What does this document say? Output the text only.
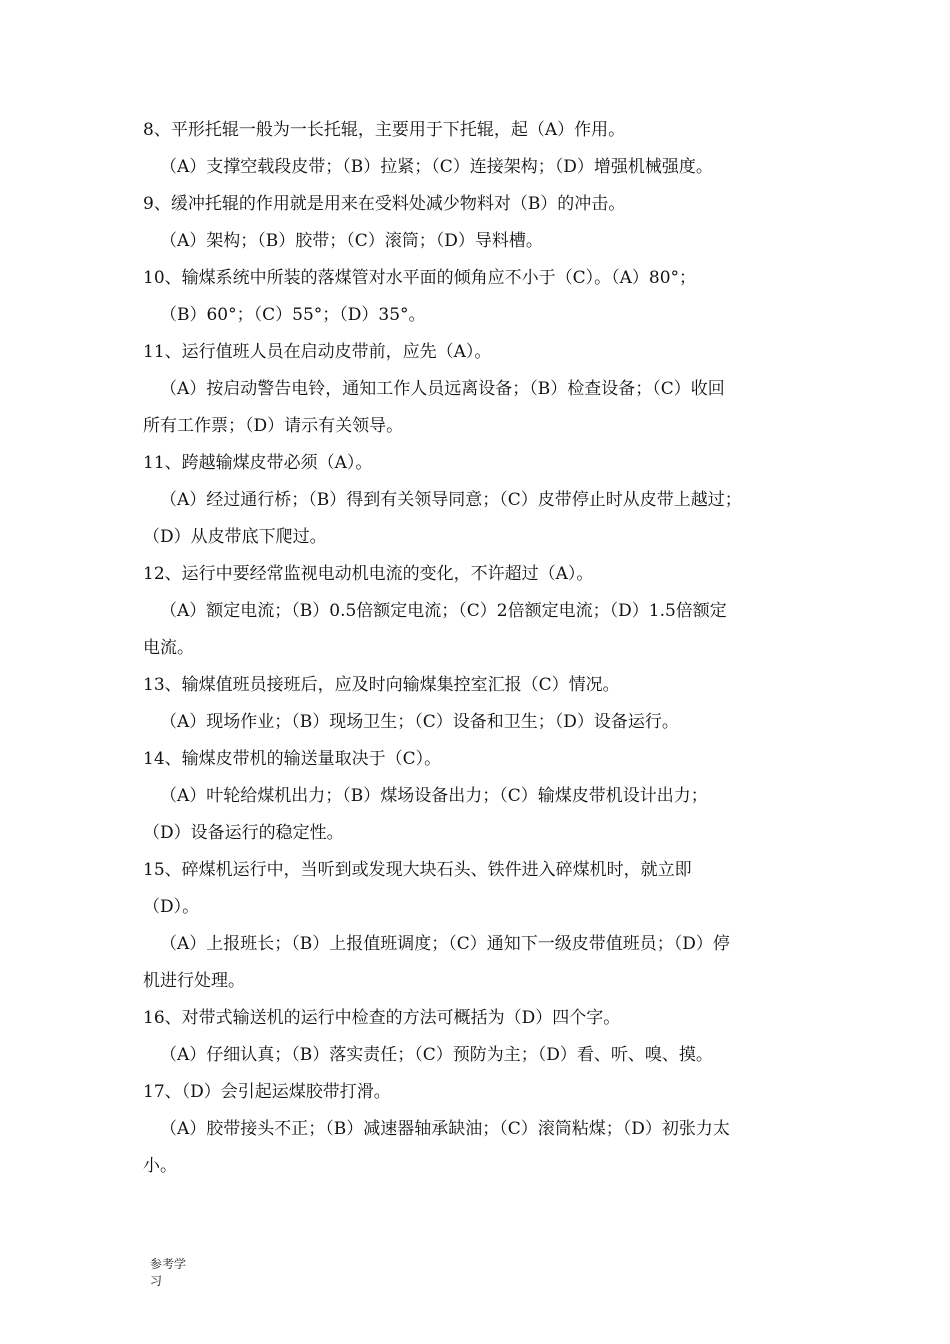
8、平形托辊一般为一长托辊，主要用于下托辊，起（A）作用。
（A）支撑空载段皮带；（B）拉紧；（C）连接架构；（D）增强机械强度。
9、缓冲托辊的作用就是用来在受料处减少物料对（B）的冲击。
（A）架构；（B）胶带；（C）滚筒；（D）导料槽。
10、输煤系统中所装的落煤管对水平面的倾角应不小于（C）。（A）80°；
（B）60°；（C）55°；（D）35°。
11、运行值班人员在启动皮带前，应先（A）。
（A）按启动警告电铃，通知工作人员远离设备；（B）检查设备；（C）收回
所有工作票；（D）请示有关领导。
11、跨越输煤皮带必须（A）。
（A）经过通行桥；（B）得到有关领导同意；（C）皮带停止时从皮带上越过；
（D）从皮带底下爬过。
12、运行中要经常监视电动机电流的变化，不许超过（A）。
（A）额定电流；（B）0.5倍额定电流；（C）2倍额定电流；（D）1.5倍额定
电流。
13、输煤值班员接班后，应及时向输煤集控室汇报（C）情况。
（A）现场作业；（B）现场卫生；（C）设备和卫生；（D）设备运行。
14、输煤皮带机的输送量取决于（C）。
（A）叶轮给煤机出力；（B）煤场设备出力；（C）输煤皮带机设计出力；
（D）设备运行的稳定性。
15、碎煤机运行中，当听到或发现大块石头、铁件进入碎煤机时，就立即
（D）。
（A）上报班长；（B）上报值班调度；（C）通知下一级皮带值班员；（D）停
机进行处理。
16、对带式输送机的运行中检查的方法可概括为（D）四个字。
（A）仔细认真；（B）落实责任；（C）预防为主；（D）看、听、嗅、摸。
17、（D）会引起运煤胶带打滑。
（A）胶带接头不正；（B）减速器轴承缺油；（C）滚筒粘煤；（D）初张力太
小。
参考学
习
